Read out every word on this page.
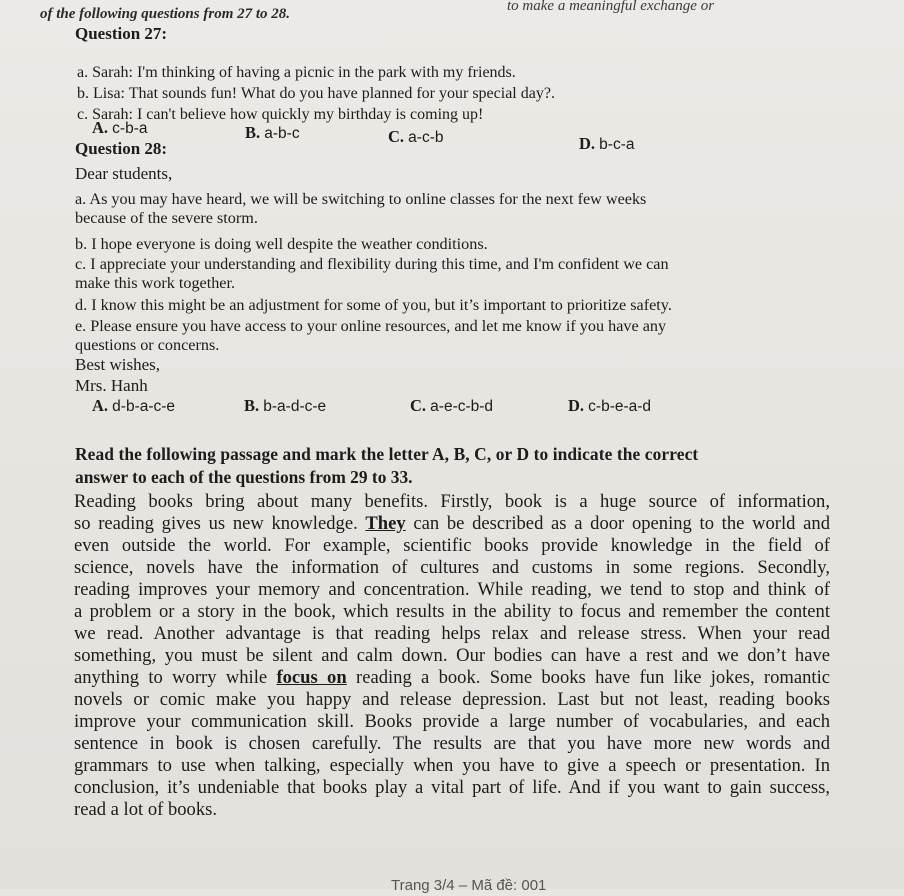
of the following questions from 27 to 28.	to make a meaningful exchange or
Question 27:
a. Sarah: I'm thinking of having a picnic in the park with my friends.
b. Lisa: That sounds fun! What do you have planned for your special day?.
c. Sarah: I can't believe how quickly my birthday is coming up!
A. c-b-a	B. a-b-c	C. a-c-b	D. b-c-a
Question 28:
Dear students,
a. As you may have heard, we will be switching to online classes for the next few weeks
because of the severe storm.
b. I hope everyone is doing well despite the weather conditions.
c. I appreciate your understanding and flexibility during this time, and I'm confident we can
make this work together.
d. I know this might be an adjustment for some of you, but it’s important to prioritize safety.
e. Please ensure you have access to your online resources, and let me know if you have any
questions or concerns.
Best wishes,
Mrs. Hanh
A. d-b-a-c-e	B. b-a-d-c-e	C. a-e-c-b-d	D. c-b-e-a-d
Read the following passage and mark the letter A, B, C, or D to indicate the correct
answer to each of the questions from 29 to 33.
Reading books bring about many benefits. Firstly, book is a huge source of information,
so reading gives us new knowledge. They can be described as a door opening to the world and
even outside the world. For example, scientific books provide knowledge in the field of
science, novels have the information of cultures and customs in some regions. Secondly,
reading improves your memory and concentration. While reading, we tend to stop and think of
a problem or a story in the book, which results in the ability to focus and remember the content
we read. Another advantage is that reading helps relax and release stress. When your read
something, you must be silent and calm down. Our bodies can have a rest and we don’t have
anything to worry while focus on reading a book. Some books have fun like jokes, romantic
novels or comic make you happy and release depression. Last but not least, reading books
improve your communication skill. Books provide a large number of vocabularies, and each
sentence in book is chosen carefully. The results are that you have more new words and
grammars to use when talking, especially when you have to give a speech or presentation. In
conclusion, it’s undeniable that books play a vital part of life. And if you want to gain success,
read a lot of books.
Trang 3/4 – Mã đề: 001
